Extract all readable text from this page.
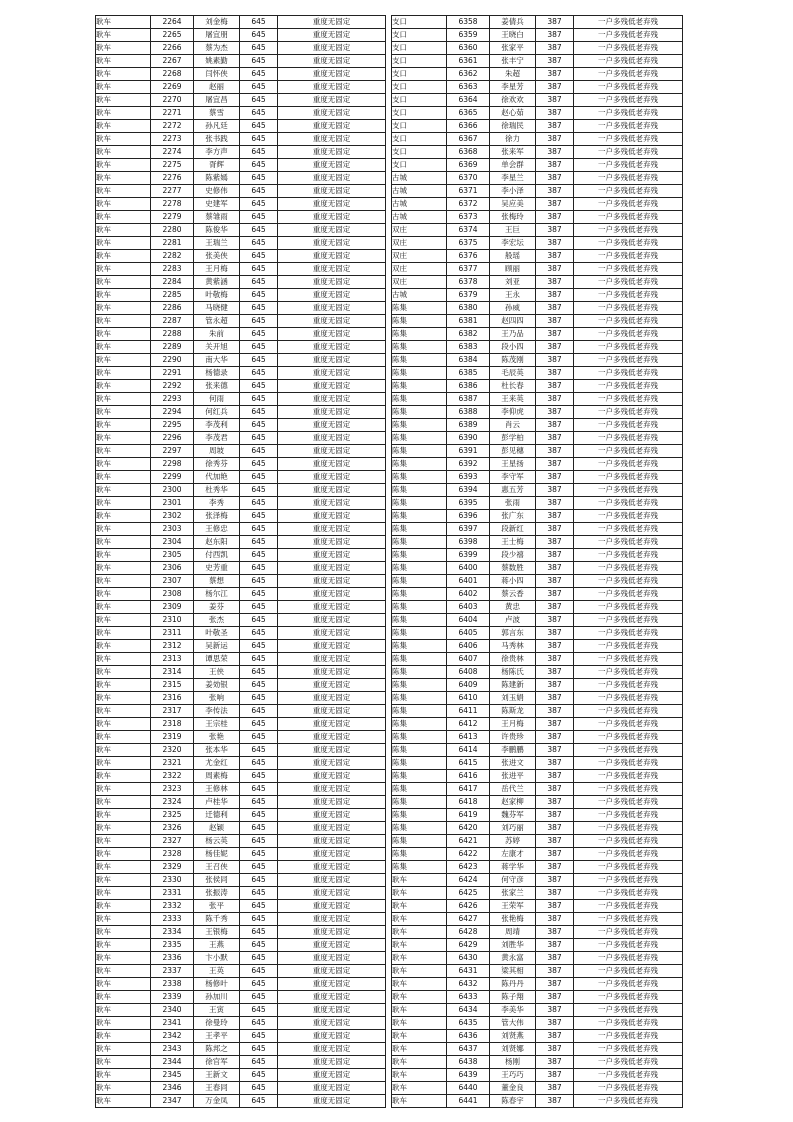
耿车	2264	刘金梅	645	重度无固定
耿车	2265	屠宜朋	645	重度无固定
耿车	2266	蔡为杰	645	重度无固定
耿车	2267	姚素勤	645	重度无固定
耿车	2268	闫怀侠	645	重度无固定
耿车	2269	赵丽	645	重度无固定
耿车	2270	屠宜昌	645	重度无固定
耿车	2271	蔡雪	645	重度无固定
耿车	2272	孙凡廷	645	重度无固定
耿车	2273	张书践	645	重度无固定
耿车	2274	李方声	645	重度无固定
耿车	2275	胥辉	645	重度无固定
耿车	2276	陈紫嫣	645	重度无固定
耿车	2277	史修伟	645	重度无固定
耿车	2278	史建军	645	重度无固定
耿车	2279	蔡雏雨	645	重度无固定
耿车	2280	陈俊华	645	重度无固定
耿车	2281	王瑞兰	645	重度无固定
耿车	2282	张美侠	645	重度无固定
耿车	2283	王月梅	645	重度无固定
耿车	2284	黄紫涵	645	重度无固定
耿车	2285	叶敬梅	645	重度无固定
耿车	2286	马晓健	645	重度无固定
耿车	2287	管永超	645	重度无固定
耿车	2288	朱前	645	重度无固定
耿车	2289	关开旭	645	重度无固定
耿车	2290	南大华	645	重度无固定
耿车	2291	杨德录	645	重度无固定
耿车	2292	张来德	645	重度无固定
耿车	2293	何雨	645	重度无固定
耿车	2294	何红兵	645	重度无固定
耿车	2295	李茂利	645	重度无固定
耿车	2296	李茂君	645	重度无固定
耿车	2297	周坡	645	重度无固定
耿车	2298	徐秀芬	645	重度无固定
耿车	2299	代加艳	645	重度无固定
耿车	2300	杜秀华	645	重度无固定
耿车	2301	李秀	645	重度无固定
耿车	2302	张泽梅	645	重度无固定
耿车	2303	王修忠	645	重度无固定
耿车	2304	赵东阳	645	重度无固定
耿车	2305	付西凯	645	重度无固定
耿车	2306	史芳重	645	重度无固定
耿车	2307	蔡想	645	重度无固定
耿车	2308	杨尔江	645	重度无固定
耿车	2309	姜芬	645	重度无固定
耿车	2310	张杰	645	重度无固定
耿车	2311	叶敬圣	645	重度无固定
耿车	2312	吴新运	645	重度无固定
耿车	2313	谭思荣	645	重度无固定
耿车	2314	王侠	645	重度无固定
耿车	2315	姜効银	645	重度无固定
耿车	2316	张响	645	重度无固定
耿车	2317	李传法	645	重度无固定
耿车	2318	王宗桂	645	重度无固定
耿车	2319	张艳	645	重度无固定
耿车	2320	张本华	645	重度无固定
耿车	2321	尤金红	645	重度无固定
耿车	2322	周素梅	645	重度无固定
耿车	2323	王修林	645	重度无固定
耿车	2324	卢桂华	645	重度无固定
耿车	2325	迁德利	645	重度无固定
耿车	2326	赵颖	645	重度无固定
耿车	2327	杨云英	645	重度无固定
耿车	2328	杨佳妮	645	重度无固定
耿车	2329	王召侠	645	重度无固定
耿车	2330	张侯同	645	重度无固定
耿车	2331	张振涛	645	重度无固定
耿车	2332	张平	645	重度无固定
耿车	2333	陈千秀	645	重度无固定
耿车	2334	王银梅	645	重度无固定
耿车	2335	王燕	645	重度无固定
耿车	2336	卞小默	645	重度无固定
耿车	2337	王英	645	重度无固定
耿车	2338	杨修叶	645	重度无固定
耿车	2339	孙加川	645	重度无固定
耿车	2340	王寅	645	重度无固定
耿车	2341	徐曼玲	645	重度无固定
耿车	2342	王孝平	645	重度无固定
耿车	2343	陈邦之	645	重度无固定
耿车	2344	徐官军	645	重度无固定
耿车	2345	王新文	645	重度无固定
耿车	2346	王春同	645	重度无固定
耿车	2347	万金凤	645	重度无固定
支口	6358	姜倩兵	387	一户多残低老弃残
支口	6359	王晓白	387	一户多残低老弃残
支口	6360	张家平	387	一户多残低老弃残
支口	6361	张丰宁	387	一户多残低老弃残
支口	6362	朱超	387	一户多残低老弃残
支口	6363	李星芳	387	一户多残低老弃残
支口	6364	徐欢欢	387	一户多残低老弃残
支口	6365	赵心茹	387	一户多残低老弃残
支口	6366	徐瑞民	387	一户多残低老弃残
支口	6367	徐力	387	一户多残低老弃残
支口	6368	张来军	387	一户多残低老弃残
支口	6369	单会群	387	一户多残低老弃残
古城	6370	李星兰	387	一户多残低老弃残
古城	6371	李小泽	387	一户多残低老弃残
古城	6372	吴应美	387	一户多残低老弃残
古城	6373	张梅玲	387	一户多残低老弃残
双庄	6374	王巨	387	一户多残低老弃残
双庄	6375	李宏坛	387	一户多残低老弃残
双庄	6376	般瑶	387	一户多残低老弃残
双庄	6377	顾丽	387	一户多残低老弃残
双庄	6378	刘亚	387	一户多残低老弃残
古城	6379	王永	387	一户多残低老弃残
陈集	6380	孙威	387	一户多残低老弃残
陈集	6381	赵四四	387	一户多残低老弃残
陈集	6382	王乃品	387	一户多残低老弃残
陈集	6383	段小四	387	一户多残低老弃残
陈集	6384	陈茂刚	387	一户多残低老弃残
陈集	6385	毛辰英	387	一户多残低老弃残
陈集	6386	杜长春	387	一户多残低老弃残
陈集	6387	王来英	387	一户多残低老弃残
陈集	6388	李仰虎	387	一户多残低老弃残
陈集	6389	肖云	387	一户多残低老弃残
陈集	6390	彭学柏	387	一户多残低老弃残
陈集	6391	彭见穗	387	一户多残低老弃残
陈集	6392	王星扬	387	一户多残低老弃残
陈集	6393	李守军	387	一户多残低老弃残
陈集	6394	惠五芳	387	一户多残低老弃残
陈集	6395	张雨	387	一户多残低老弃残
陈集	6396	张广东	387	一户多残低老弃残
陈集	6397	段新红	387	一户多残低老弃残
陈集	6398	王士梅	387	一户多残低老弃残
陈集	6399	段少禧	387	一户多残低老弃残
陈集	6400	蔡数胜	387	一户多残低老弃残
陈集	6401	蒋小四	387	一户多残低老弃残
陈集	6402	蔡云香	387	一户多残低老弃残
陈集	6403	黄忠	387	一户多残低老弃残
陈集	6404	卢波	387	一户多残低老弃残
陈集	6405	郭言东	387	一户多残低老弃残
陈集	6406	马秀林	387	一户多残低老弃残
陈集	6407	徐贵林	387	一户多残低老弃残
陈集	6408	杨陈氏	387	一户多残低老弃残
陈集	6409	陈建新	387	一户多残低老弃残
陈集	6410	刘玉娟	387	一户多残低老弃残
陈集	6411	陈斯龙	387	一户多残低老弃残
陈集	6412	王月梅	387	一户多残低老弃残
陈集	6413	许贵珍	387	一户多残低老弃残
陈集	6414	李鹏鹏	387	一户多残低老弃残
陈集	6415	张进文	387	一户多残低老弃残
陈集	6416	张进平	387	一户多残低老弃残
陈集	6417	岳代兰	387	一户多残低老弃残
陈集	6418	赵家柳	387	一户多残低老弃残
陈集	6419	魏芬军	387	一户多残低老弃残
陈集	6420	刘巧丽	387	一户多残低老弃残
陈集	6421	苏婷	387	一户多残低老弃残
陈集	6422	左康才	387	一户多残低老弃残
陈集	6423	蒋学华	387	一户多残低老弃残
耿车	6424	何守彦	387	一户多残低老弃残
耿车	6425	张家兰	387	一户多残低老弃残
耿车	6426	王荣军	387	一户多残低老弃残
耿车	6427	张艳梅	387	一户多残低老弃残
耿车	6428	周靖	387	一户多残低老弃残
耿车	6429	刘胜华	387	一户多残低老弃残
耿车	6430	黄永富	387	一户多残低老弃残
耿车	6431	梁其相	387	一户多残低老弃残
耿车	6432	陈丹丹	387	一户多残低老弃残
耿车	6433	陈子翔	387	一户多残低老弃残
耿车	6434	李美华	387	一户多残低老弃残
耿车	6435	管大伟	387	一户多残低老弃残
耿车	6436	刘贤燕	387	一户多残低老弃残
耿车	6437	刘贤娜	387	一户多残低老弃残
耿车	6438	杨刚	387	一户多残低老弃残
耿车	6439	王巧巧	387	一户多残低老弃残
耿车	6440	董金良	387	一户多残低老弃残
耿车	6441	陈春宇	387	一户多残低老弃残
